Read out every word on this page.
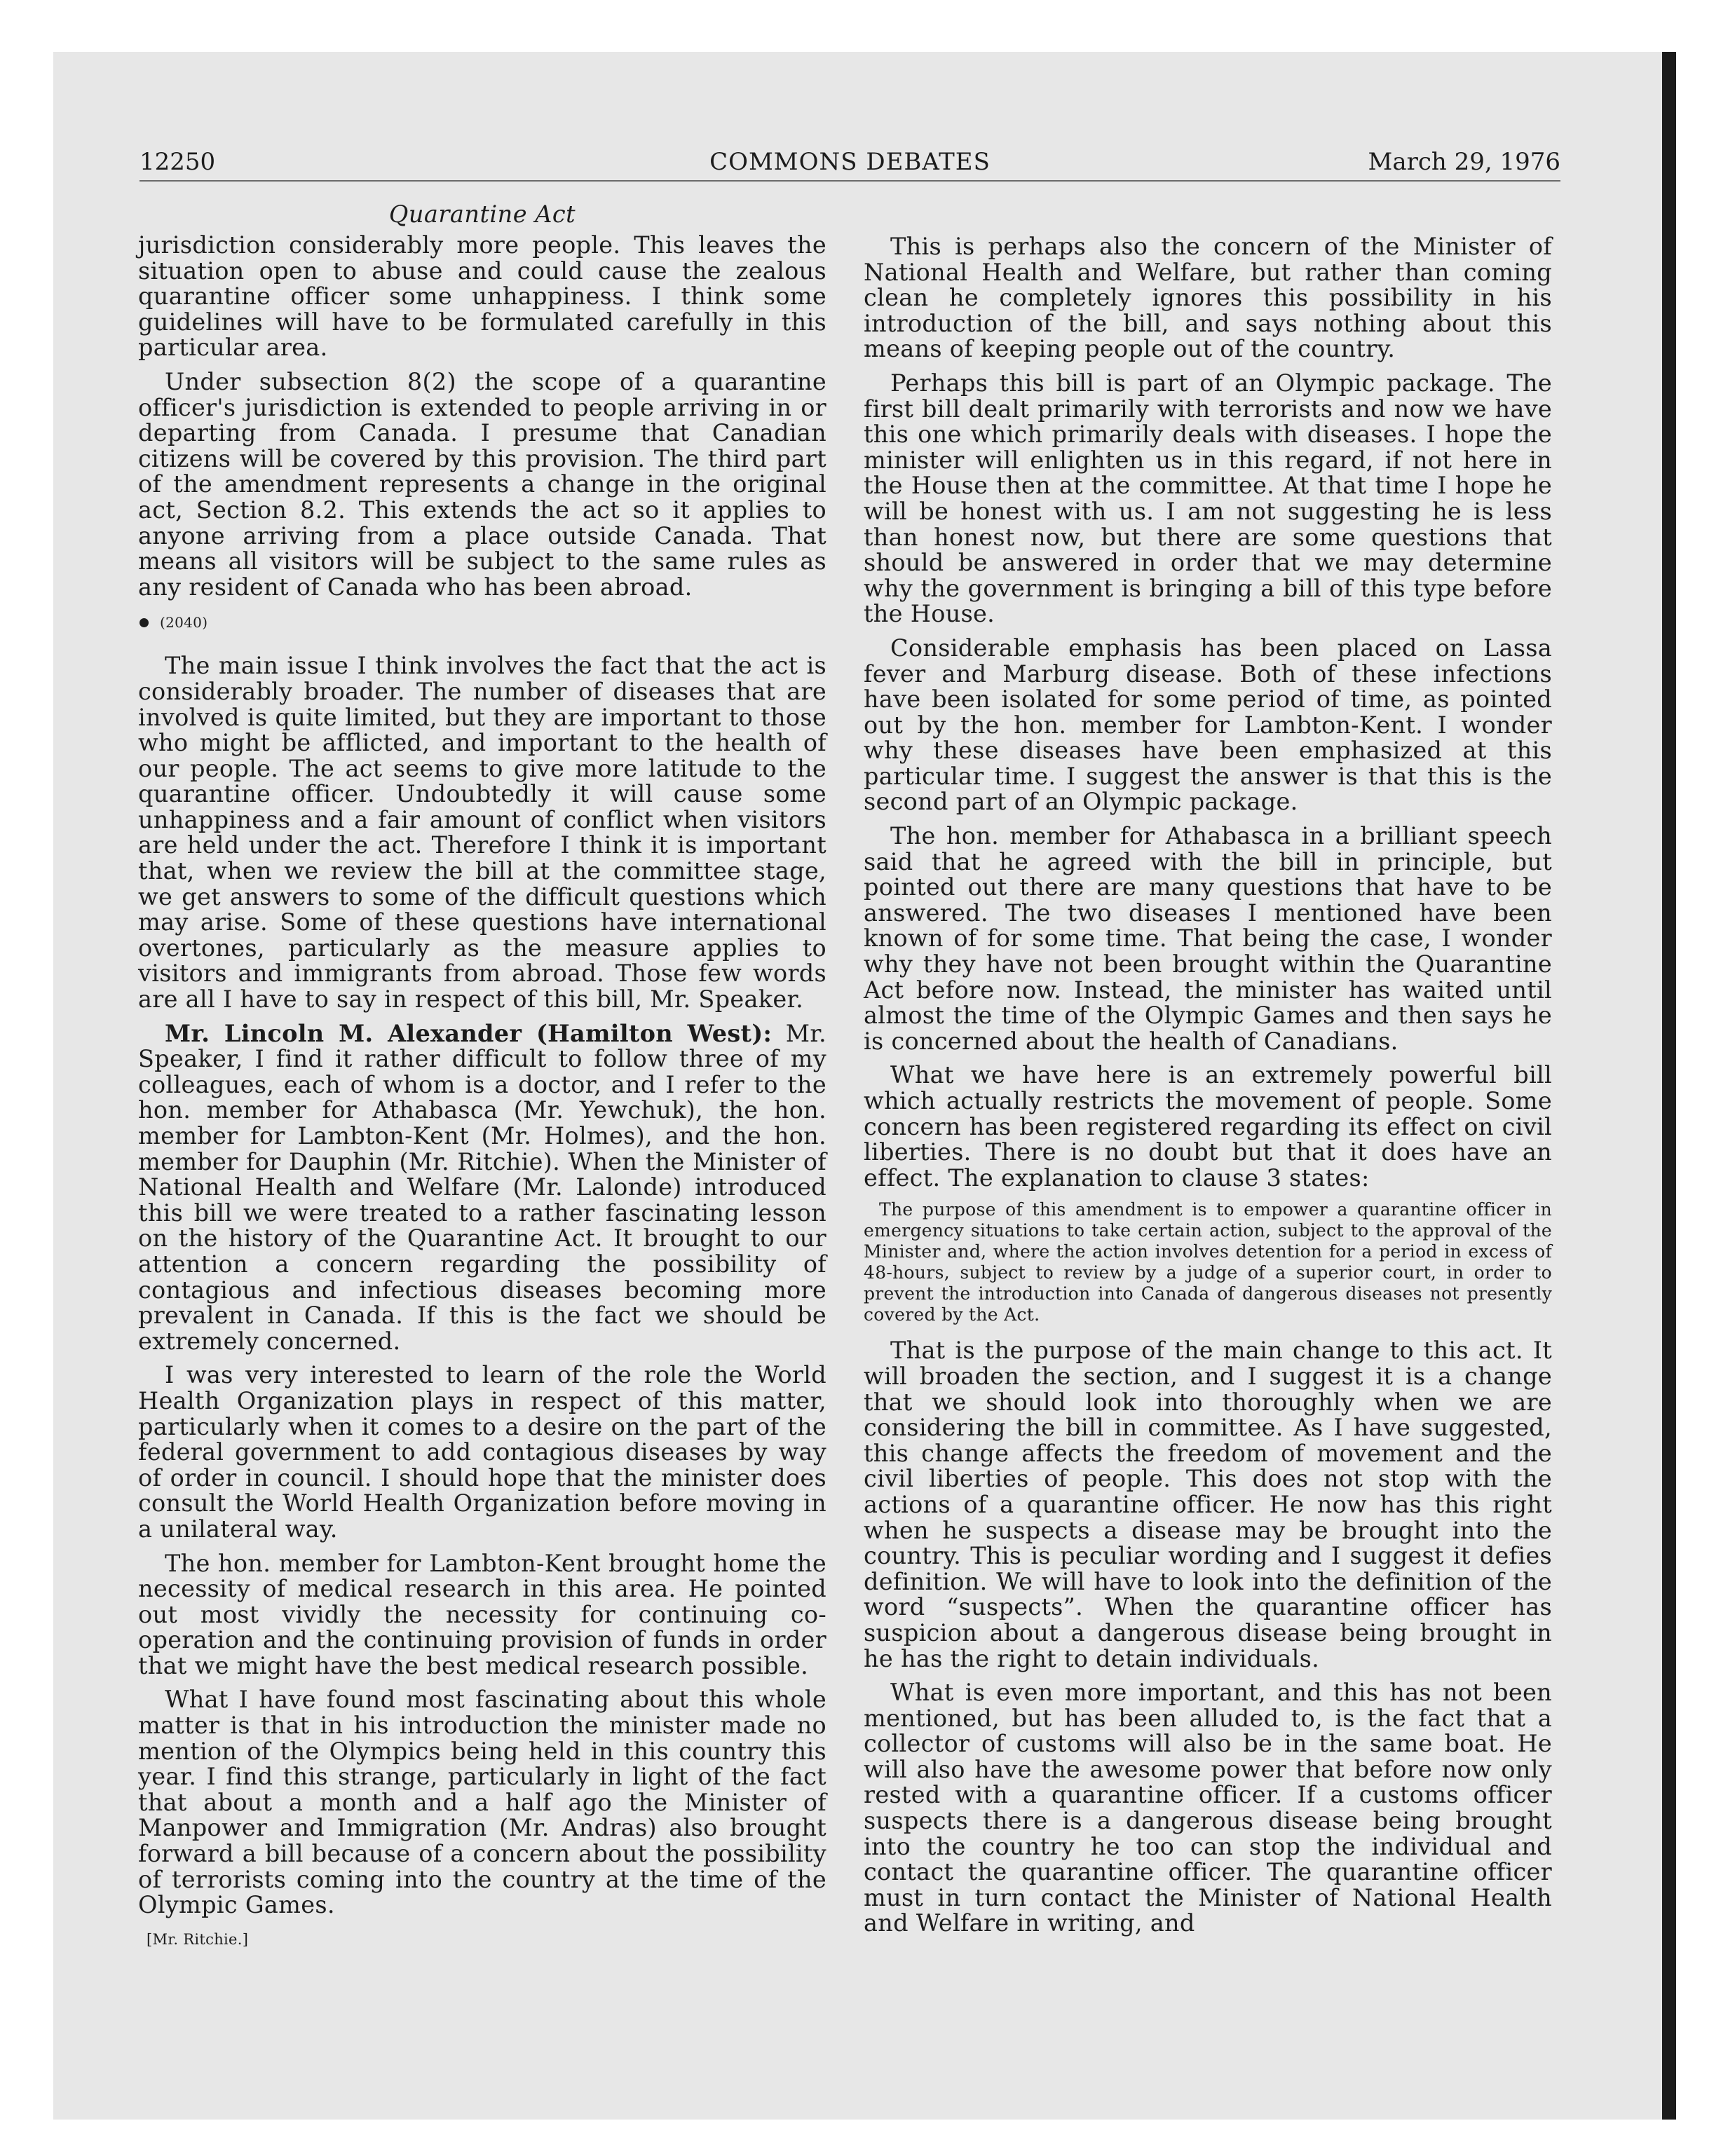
12250	COMMONS DEBATES	March 29, 1976
Quarantine Act

jurisdiction considerably more people. This leaves the situation open to abuse and could cause the zealous quarantine officer some unhappiness. I think some guidelines will have to be formulated carefully in this particular area.

Under subsection 8(2) the scope of a quarantine officer's jurisdiction is extended to people arriving in or departing from Canada. I presume that Canadian citizens will be covered by this provision. The third part of the amendment represents a change in the original act, Section 8.2. This extends the act so it applies to anyone arriving from a place outside Canada. That means all visitors will be subject to the same rules as any resident of Canada who has been abroad.

(2040)

The main issue I think involves the fact that the act is considerably broader. The number of diseases that are involved is quite limited, but they are important to those who might be afflicted, and important to the health of our people. The act seems to give more latitude to the quarantine officer. Undoubtedly it will cause some unhappiness and a fair amount of conflict when visitors are held under the act. Therefore I think it is important that, when we review the bill at the committee stage, we get answers to some of the difficult questions which may arise. Some of these questions have international overtones, particularly as the measure applies to visitors and immigrants from abroad. Those few words are all I have to say in respect of this bill, Mr. Speaker.

Mr. Lincoln M. Alexander (Hamilton West): Mr. Speaker, I find it rather difficult to follow three of my colleagues, each of whom is a doctor, and I refer to the hon. member for Athabasca (Mr. Yewchuk), the hon. member for Lambton-Kent (Mr. Holmes), and the hon. member for Dauphin (Mr. Ritchie). When the Minister of National Health and Welfare (Mr. Lalonde) introduced this bill we were treated to a rather fascinating lesson on the history of the Quarantine Act. It brought to our attention a concern regarding the possibility of contagious and infectious diseases becoming more prevalent in Canada. If this is the fact we should be extremely concerned.

I was very interested to learn of the role the World Health Organization plays in respect of this matter, particularly when it comes to a desire on the part of the federal government to add contagious diseases by way of order in council. I should hope that the minister does consult the World Health Organization before moving in a unilateral way.

The hon. member for Lambton-Kent brought home the necessity of medical research in this area. He pointed out most vividly the necessity for continuing co-operation and the continuing provision of funds in order that we might have the best medical research possible.

What I have found most fascinating about this whole matter is that in his introduction the minister made no mention of the Olympics being held in this country this year. I find this strange, particularly in light of the fact that about a month and a half ago the Minister of Manpower and Immigration (Mr. Andras) also brought forward a bill because of a concern about the possibility of terrorists coming into the country at the time of the Olympic Games.

[Mr. Ritchie.]

This is perhaps also the concern of the Minister of National Health and Welfare, but rather than coming clean he completely ignores this possibility in his introduction of the bill, and says nothing about this means of keeping people out of the country.

Perhaps this bill is part of an Olympic package. The first bill dealt primarily with terrorists and now we have this one which primarily deals with diseases. I hope the minister will enlighten us in this regard, if not here in the House then at the committee. At that time I hope he will be honest with us. I am not suggesting he is less than honest now, but there are some questions that should be answered in order that we may determine why the government is bringing a bill of this type before the House.

Considerable emphasis has been placed on Lassa fever and Marburg disease. Both of these infections have been isolated for some period of time, as pointed out by the hon. member for Lambton-Kent. I wonder why these diseases have been emphasized at this particular time. I suggest the answer is that this is the second part of an Olympic package.

The hon. member for Athabasca in a brilliant speech said that he agreed with the bill in principle, but pointed out there are many questions that have to be answered. The two diseases I mentioned have been known of for some time. That being the case, I wonder why they have not been brought within the Quarantine Act before now. Instead, the minister has waited until almost the time of the Olympic Games and then says he is concerned about the health of Canadians.

What we have here is an extremely powerful bill which actually restricts the movement of people. Some concern has been registered regarding its effect on civil liberties. There is no doubt but that it does have an effect. The explanation to clause 3 states:

The purpose of this amendment is to empower a quarantine officer in emergency situations to take certain action, subject to the approval of the Minister and, where the action involves detention for a period in excess of 48-hours, subject to review by a judge of a superior court, in order to prevent the introduction into Canada of dangerous diseases not presently covered by the Act.

That is the purpose of the main change to this act. It will broaden the section, and I suggest it is a change that we should look into thoroughly when we are considering the bill in committee. As I have suggested, this change affects the freedom of movement and the civil liberties of people. This does not stop with the actions of a quarantine officer. He now has this right when he suspects a disease may be brought into the country. This is peculiar wording and I suggest it defies definition. We will have to look into the definition of the word “suspects”. When the quarantine officer has suspicion about a dangerous disease being brought in he has the right to detain individuals.

What is even more important, and this has not been mentioned, but has been alluded to, is the fact that a collector of customs will also be in the same boat. He will also have the awesome power that before now only rested with a quarantine officer. If a customs officer suspects there is a dangerous disease being brought into the country he too can stop the individual and contact the quarantine officer. The quarantine officer must in turn contact the Minister of National Health and Welfare in writing, and
